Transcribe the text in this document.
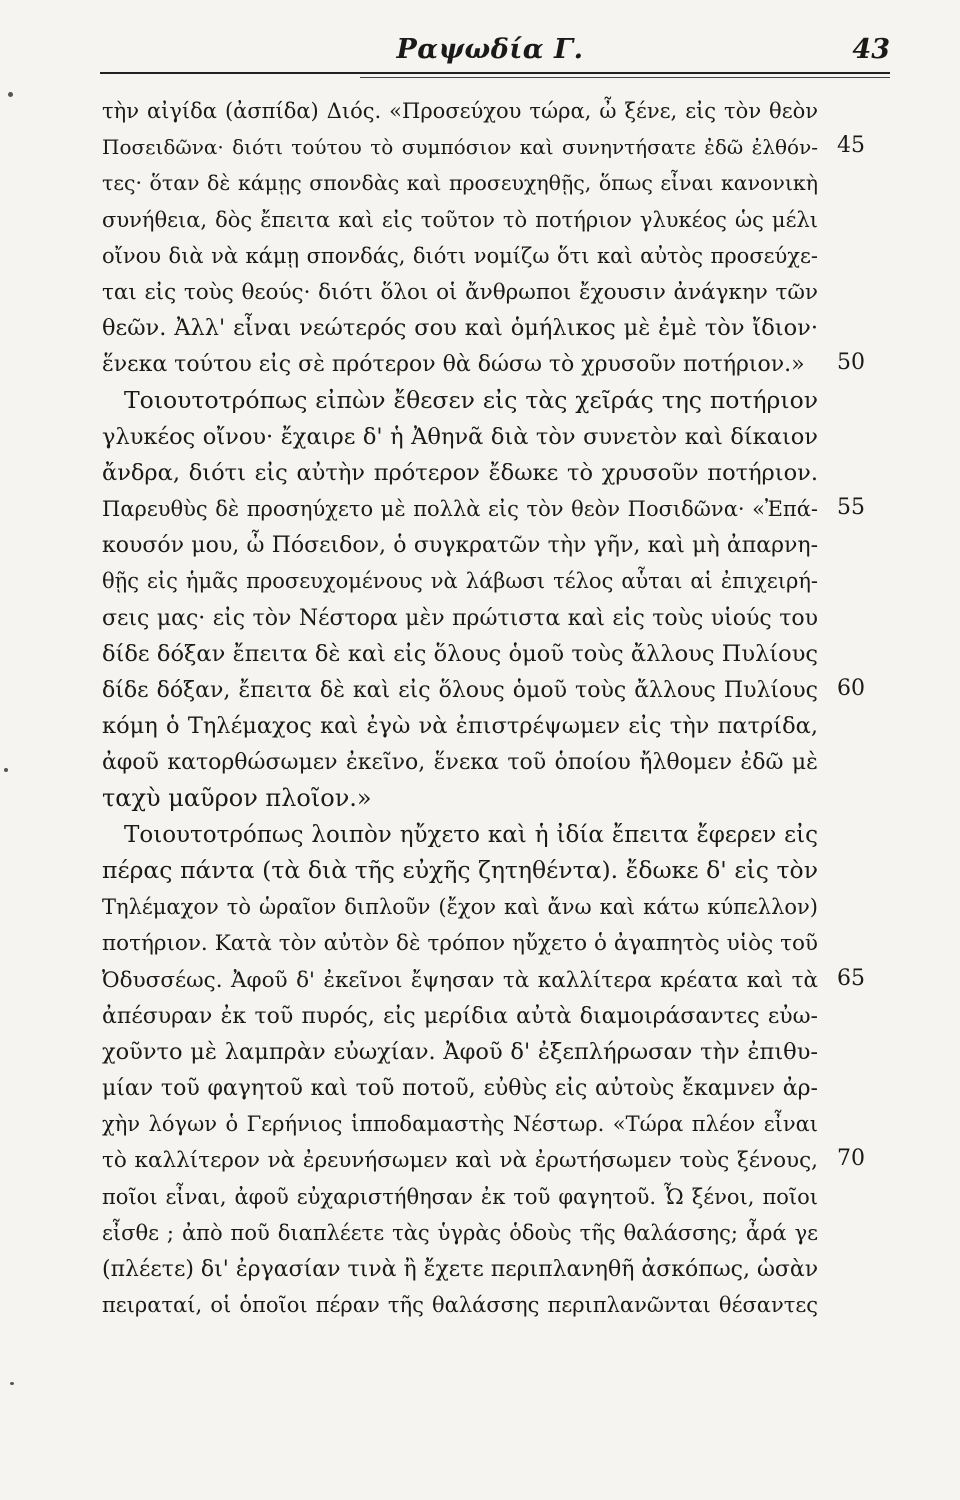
Ραψωδία Γ.	43
τὴν αἰγίδα (ἀσπίδα) Διός. «Προσεύχου τώρα, ὦ ξένε, εἰς τὸν θεὸν
Ποσειδῶνα· διότι τούτου τὸ συμπόσιον καὶ συνηντήσατε ἐδῶ ἐλθόν- 45
τες· ὅταν δὲ κάμῃς σπονδὰς καὶ προσευχηθῇς, ὅπως εἶναι κανονικὴ
συνήθεια, δὸς ἔπειτα καὶ εἰς τοῦτον τὸ ποτήριον γλυκέος ὡς μέλι
οἴνου διὰ νὰ κάμῃ σπονδάς, διότι νομίζω ὅτι καὶ αὐτὸς προσεύχε-
ται εἰς τοὺς θεούς· διότι ὅλοι οἱ ἄνθρωποι ἔχουσιν ἀνάγκην τῶν
θεῶν. Ἀλλ' εἶναι νεώτερός σου καὶ ὁμήλικος μὲ ἐμὲ τὸν ἴδιον·
ἕνεκα τούτου εἰς σὲ πρότερον θὰ δώσω τὸ χρυσοῦν ποτήριον.» 50
Τοιουτοτρόπως εἰπὼν ἔθεσεν εἰς τὰς χεῖράς της ποτήριον
γλυκέος οἴνου· ἔχαιρε δ' ἡ Ἀθηνᾶ διὰ τὸν συνετὸν καὶ δίκαιον
ἄνδρα, διότι εἰς αὐτὴν πρότερον ἔδωκε τὸ χρυσοῦν ποτήριον.
Παρευθὺς δὲ προσηύχετο μὲ πολλὰ εἰς τὸν θεὸν Ποσιδῶνα· «Ἐπά- 55
κουσόν μου, ὦ Πόσειδον, ὁ συγκρατῶν τὴν γῆν, καὶ μὴ ἀπαρνη-
θῇς εἰς ἡμᾶς προσευχομένους νὰ λάβωσι τέλος αὗται αἱ ἐπιχειρή-
σεις μας· εἰς τὸν Νέστορα μὲν πρώτιστα καὶ εἰς τοὺς υἱούς του
δίδε δόξαν ἔπειτα δὲ καὶ εἰς ὅλους ὁμοῦ τοὺς ἄλλους Πυλίους
δίδε δόξαν, ἔπειτα δὲ καὶ εἰς ὅλους ὁμοῦ τοὺς ἄλλους Πυλίους 60
κόμη ὁ Τηλέμαχος καὶ ἐγὼ νὰ ἐπιστρέψωμεν εἰς τὴν πατρίδα,
ἀφοῦ κατορθώσωμεν ἐκεῖνο, ἕνεκα τοῦ ὁποίου ἤλθομεν ἐδῶ μὲ
ταχὺ μαῦρον πλοῖον.»
Τοιουτοτρόπως λοιπὸν ηὔχετο καὶ ἡ ἰδία ἔπειτα ἔφερεν εἰς
πέρας πάντα (τὰ διὰ τῆς εὐχῆς ζητηθέντα). ἔδωκε δ' εἰς τὸν
Τηλέμαχον τὸ ὡραῖον διπλοῦν (ἔχον καὶ ἄνω καὶ κάτω κύπελλον)
ποτήριον. Κατὰ τὸν αὐτὸν δὲ τρόπον ηὔχετο ὁ ἀγαπητὸς υἱὸς τοῦ
Ὀδυσσέως. Ἀφοῦ δ' ἐκεῖνοι ἔψησαν τὰ καλλίτερα κρέατα καὶ τὰ 65
ἀπέσυραν ἐκ τοῦ πυρός, εἰς μερίδια αὐτὰ διαμοιράσαντες εὐω-
χοῦντο μὲ λαμπρὰν εὐωχίαν. Ἀφοῦ δ' ἐξεπλήρωσαν τὴν ἐπιθυ-
μίαν τοῦ φαγητοῦ καὶ τοῦ ποτοῦ, εὐθὺς εἰς αὐτοὺς ἔκαμνεν ἀρ-
χὴν λόγων ὁ Γερήνιος ἱπποδαμαστὴς Νέστωρ. «Τώρα πλέον εἶναι
τὸ καλλίτερον νὰ ἐρευνήσωμεν καὶ νὰ ἐρωτήσωμεν τοὺς ξένους, 70
ποῖοι εἶναι, ἀφοῦ εὐχαριστήθησαν ἐκ τοῦ φαγητοῦ. Ὦ ξένοι, ποῖοι
εἶσθε ; ἀπὸ ποῦ διαπλέετε τὰς ὑγρὰς ὁδοὺς τῆς θαλάσσης; ἆρά γε
(πλέετε) δι' ἐργασίαν τινὰ ἢ ἔχετε περιπλανηθῆ ἀσκόπως, ὡσὰν
πειραταί, οἱ ὁποῖοι πέραν τῆς θαλάσσης περιπλανῶνται θέσαντες
